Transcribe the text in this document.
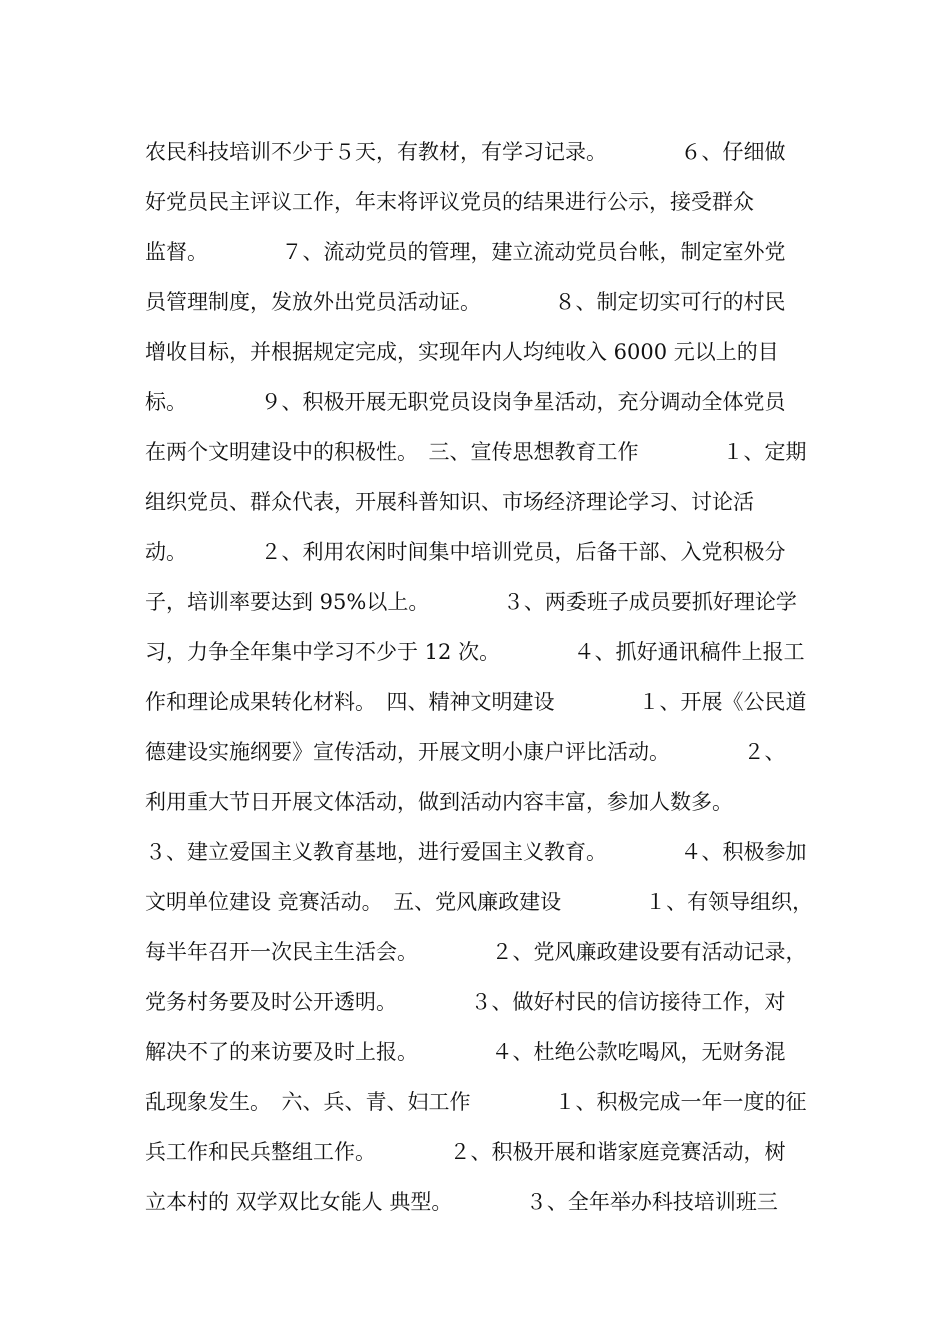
农民科技培训不少于５天，有教材，有学习记录。　　　　６、仔细做
好党员民主评议工作，年末将评议党员的结果进行公示，接受群众
监督。　　　　７、流动党员的管理，建立流动党员台帐，制定室外党
员管理制度，发放外出党员活动证。　　　　８、制定切实可行的村民
增收目标，并根据规定完成，实现年内人均纯收入 6000 元以上的目
标。　　　　９、积极开展无职党员设岗争星活动，充分调动全体党员
在两个文明建设中的积极性。　三、宣传思想教育工作　　　　１、定期
组织党员、群众代表，开展科普知识、市场经济理论学习、讨论活
动。　　　　２、利用农闲时间集中培训党员，后备干部、入党积极分
子，培训率要达到 95%以上。　　　　３、两委班子成员要抓好理论学
习，力争全年集中学习不少于 12 次。　　　　４、抓好通讯稿件上报工
作和理论成果转化材料。　四、精神文明建设　　　　１、开展《公民道
德建设实施纲要》宣传活动，开展文明小康户评比活动。　　　　２、
利用重大节日开展文体活动，做到活动内容丰富，参加人数多。
３、建立爱国主义教育基地，进行爱国主义教育。　　　　４、积极参加
文明单位建设 竞赛活动。　五、党风廉政建设　　　　１、有领导组织，
每半年召开一次民主生活会。　　　　２、党风廉政建设要有活动记录，
党务村务要及时公开透明。　　　　３、做好村民的信访接待工作，对
解决不了的来访要及时上报。　　　　４、杜绝公款吃喝风，无财务混
乱现象发生。　六、兵、青、妇工作　　　　１、积极完成一年一度的征
兵工作和民兵整组工作。　　　　２、积极开展和谐家庭竞赛活动，树
立本村的 双学双比女能人 典型。　　　　３、全年举办科技培训班三
